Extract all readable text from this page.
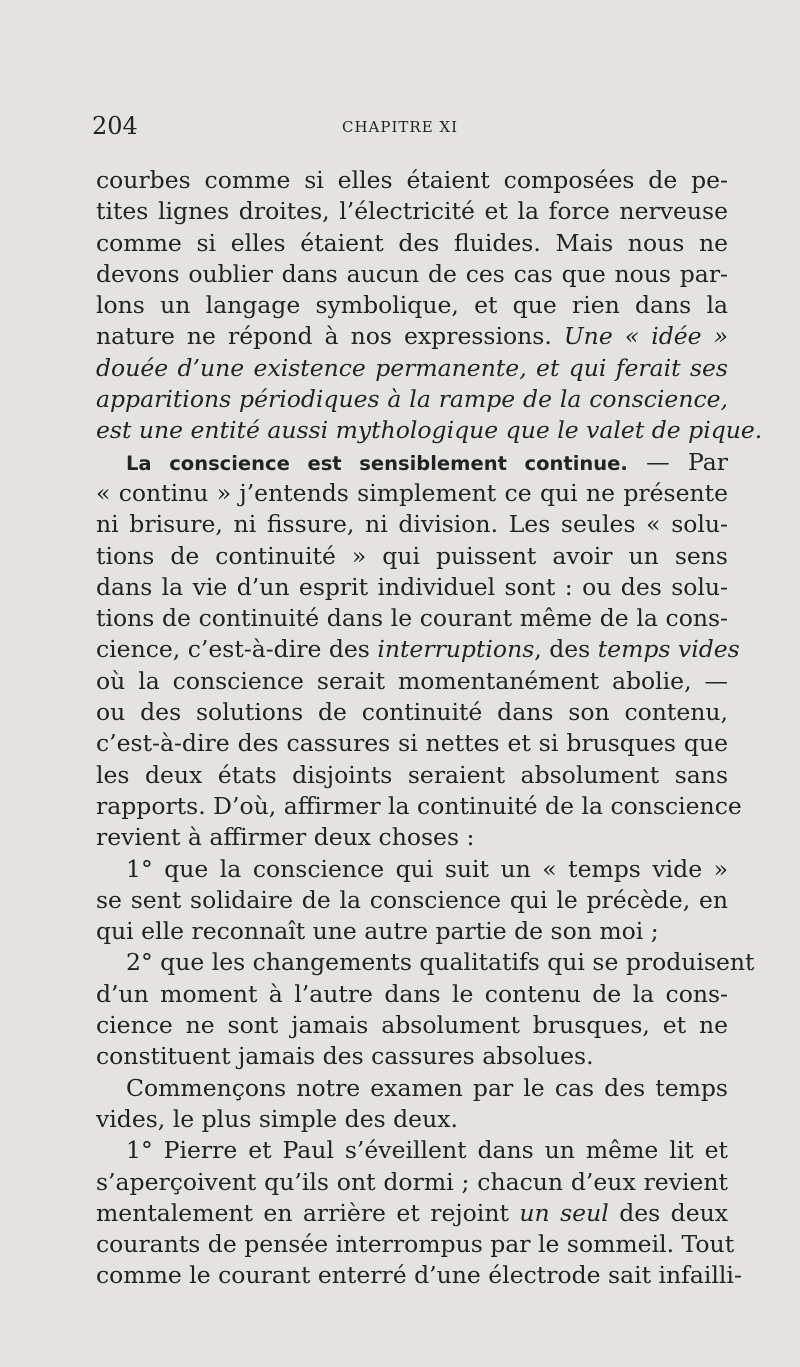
204	CHAPITRE XI
courbes comme si elles étaient composées de pe-
tites lignes droites, l’électricité et la force nerveuse
comme si elles étaient des fluides. Mais nous ne
devons oublier dans aucun de ces cas que nous par-
lons un langage symbolique, et que rien dans la
nature ne répond à nos expressions. Une « idée »
douée d’une existence permanente, et qui ferait ses
apparitions périodiques à la rampe de la conscience,
est une entité aussi mythologique que le valet de pique.
La conscience est sensiblement continue. — Par
« continu » j’entends simplement ce qui ne présente
ni brisure, ni fissure, ni division. Les seules « solu-
tions de continuité » qui puissent avoir un sens
dans la vie d’un esprit individuel sont : ou des solu-
tions de continuité dans le courant même de la cons-
cience, c’est-à-dire des interruptions, des temps vides
où la conscience serait momentanément abolie, —
ou des solutions de continuité dans son contenu,
c’est-à-dire des cassures si nettes et si brusques que
les deux états disjoints seraient absolument sans
rapports. D’où, affirmer la continuité de la conscience
revient à affirmer deux choses :
1° que la conscience qui suit un « temps vide »
se sent solidaire de la conscience qui le précède, en
qui elle reconnaît une autre partie de son moi ;
2° que les changements qualitatifs qui se produisent
d’un moment à l’autre dans le contenu de la cons-
cience ne sont jamais absolument brusques, et ne
constituent jamais des cassures absolues.
Commençons notre examen par le cas des temps
vides, le plus simple des deux.
1° Pierre et Paul s’éveillent dans un même lit et
s’aperçoivent qu’ils ont dormi ; chacun d’eux revient
mentalement en arrière et rejoint un seul des deux
courants de pensée interrompus par le sommeil. Tout
comme le courant enterré d’une électrode sait infailli-
